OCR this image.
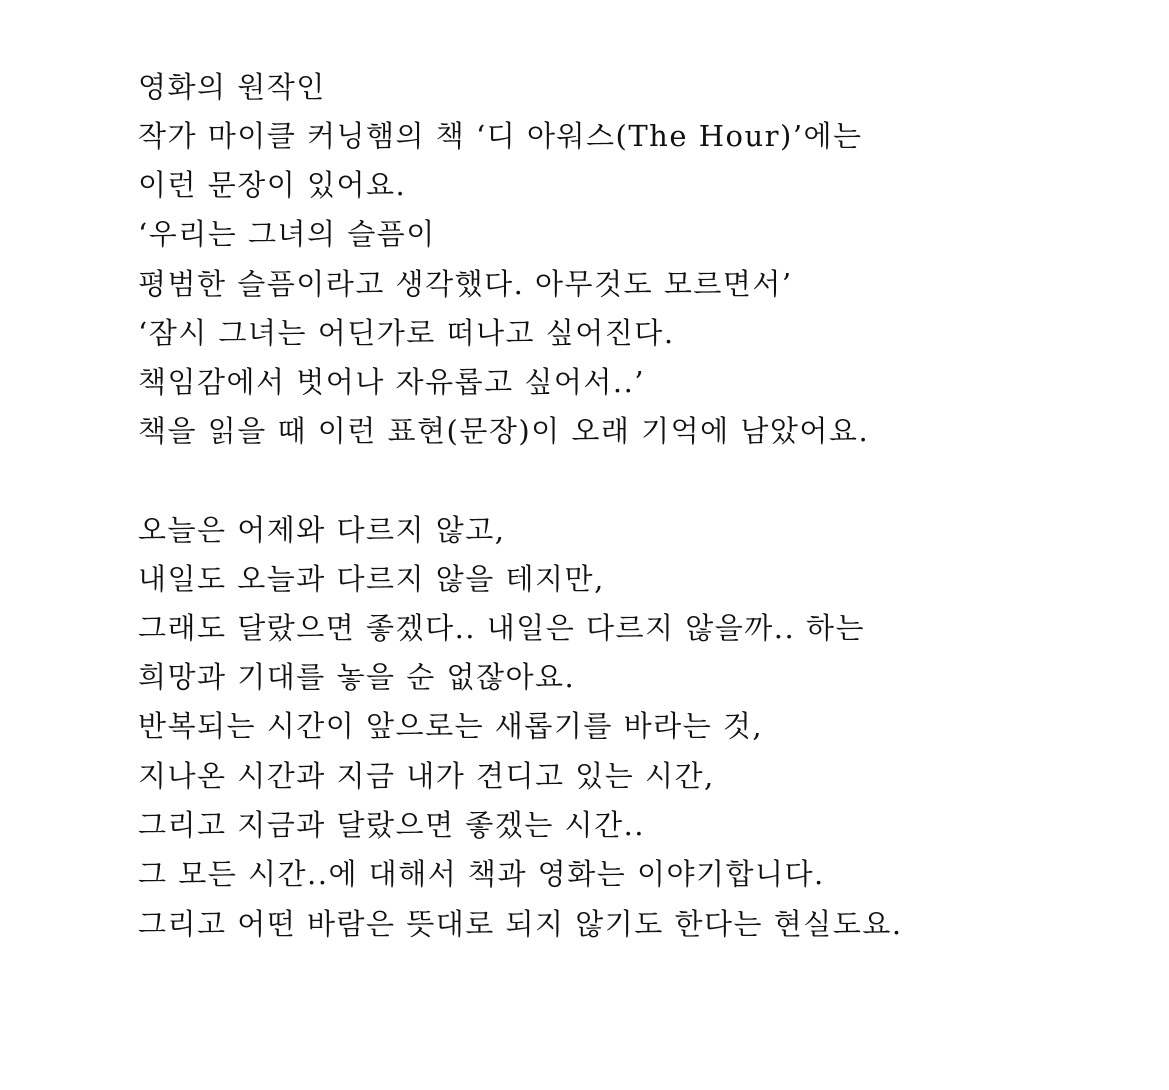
영화의 원작인
작가 마이클 커닝햄의 책 ‘디 아워스(The Hour)’에는
이런 문장이 있어요.
‘우리는 그녀의 슬픔이
평범한 슬픔이라고 생각했다. 아무것도 모르면서’
‘잠시 그녀는 어딘가로 떠나고 싶어진다.
책임감에서 벗어나 자유롭고 싶어서..’
책을 읽을 때 이런 표현(문장)이 오래 기억에 남았어요.
오늘은 어제와 다르지 않고,
내일도 오늘과 다르지 않을 테지만,
그래도 달랐으면 좋겠다.. 내일은 다르지 않을까.. 하는
희망과 기대를 놓을 순 없잖아요.
반복되는 시간이 앞으로는 새롭기를 바라는 것,
지나온 시간과 지금 내가 견디고 있는 시간,
그리고 지금과 달랐으면 좋겠는 시간..
그 모든 시간..에 대해서 책과 영화는 이야기합니다.
그리고 어떤 바람은 뜻대로 되지 않기도 한다는 현실도요.
